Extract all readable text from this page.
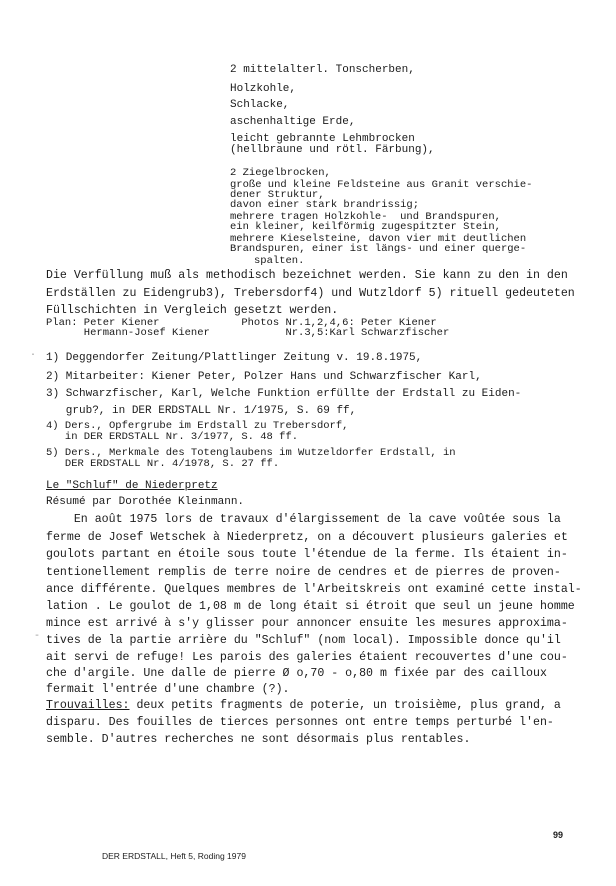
2 mittelalterl. Tonscherben,
Holzkohle,
Schlacke,
aschenhaltige Erde,
leicht gebrannte Lehmbrocken
(hellbraune und rötl. Färbung),
2 Ziegelbrocken,
große und kleine Feldsteine aus Granit verschie-
dener Struktur,
davon einer stark brandrissig;
mehrere tragen Holzkohle-  und Brandspuren,
ein kleiner, keilförmig zugespitzter Stein,
mehrere Kieselsteine, davon vier mit deutlichen
Brandspuren, einer ist längs- und einer querge-
spalten.
Die Verfüllung muß als methodisch bezeichnet werden. Sie kann zu den in den
Erdställen zu Eidengrub3), Trebersdorf4) und Wutzldorf 5) rituell gedeuteten
Füllschichten in Vergleich gesetzt werden.
Plan: Peter Kiener             Photos Nr.1,2,4,6: Peter Kiener
Hermann-Josef Kiener            Nr.3,5:Karl Schwarzfischer
· 1) Deggendorfer Zeitung/Plattlinger Zeitung v. 19.8.1975,
2) Mitarbeiter: Kiener Peter, Polzer Hans und Schwarzfischer Karl,
3) Schwarzfischer, Karl, Welche Funktion erfüllte der Erdstall zu Eiden-
grub?, in DER ERDSTALL Nr. 1/1975, S. 69 ff,
4) Ders., Opfergrube im Erdstall zu Trebersdorf,
in DER ERDSTALL Nr. 3/1977, S. 48 ff.
5) Ders., Merkmale des Totenglaubens im Wutzeldorfer Erdstall, in
DER ERDSTALL Nr. 4/1978, S. 27 ff.
Le "Schluf" de Niederpretz
Résumé par Dorothée Kleinmann.
En août 1975 lors de travaux d'élargissement de la cave voûtée sous la
ferme de Josef Wetschek à Niederpretz, on a découvert plusieurs galeries et
goulots partant en étoile sous toute l'étendue de la ferme. Ils étaient in-
tentionellement remplis de terre noire de cendres et de pierres de proven-
ance différente. Quelques membres de l'Arbeitskreis ont examiné cette instal-
lation . Le goulot de 1,08 m de long était si étroit que seul un jeune homme
mince est arrivé à s'y glisser pour annoncer ensuite les mesures approxima-
- tives de la partie arrière du "Schluf" (nom local). Impossible donce qu'il
ait servi de refuge! Les parois des galeries étaient recouvertes d'une cou-
che d'argile. Une dalle de pierre Ø o,70 - o,80 m fixée par des cailloux
fermait l'entrée d'une chambre (?).
Trouvailles: deux petits fragments de poterie, un troisième, plus grand, a
disparu. Des fouilles de tierces personnes ont entre temps perturbé l'en-
semble. D'autres recherches ne sont désormais plus rentables.
99
DER ERDSTALL, Heft 5, Roding 1979
